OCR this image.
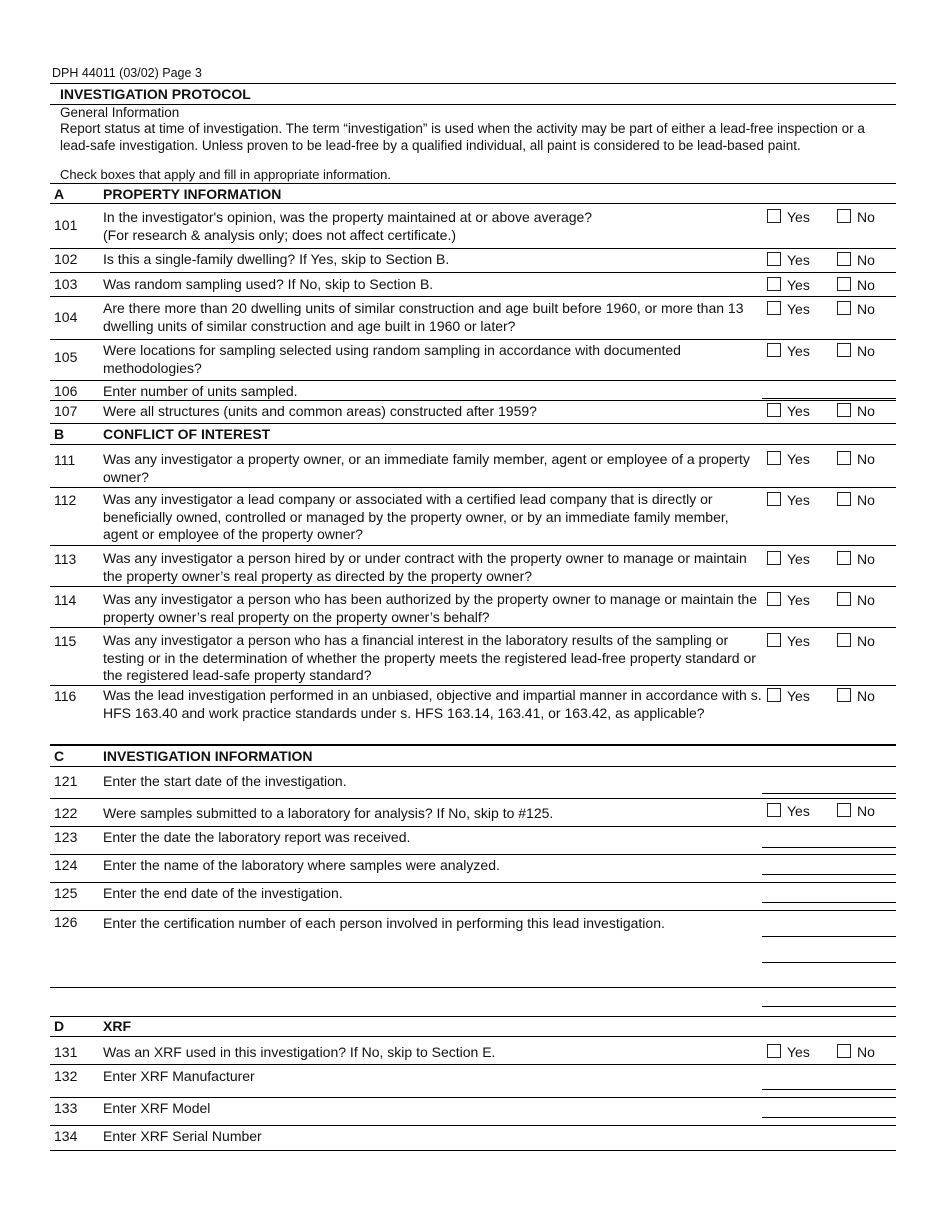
DPH 44011 (03/02) Page 3
INVESTIGATION PROTOCOL
General Information
Report status at time of investigation. The term “investigation” is used when the activity may be part of either a lead-free inspection or a lead-safe investigation. Unless proven to be lead-free by a qualified individual, all paint is considered to be lead-based paint.
Check boxes that apply and fill in appropriate information.
A	PROPERTY INFORMATION
101 In the investigator's opinion, was the property maintained at or above average?
(For research & analysis only; does not affect certificate.)
Yes	No
102 Is this a single-family dwelling? If Yes, skip to Section B.	Yes	No
103 Was random sampling used? If No, skip to Section B.	Yes	No
104
Are there more than 20 dwelling units of similar construction and age built before 1960, or more than 13 dwelling units of similar construction and age built in 1960 or later?
Yes	No
105 Were locations for sampling selected using random sampling in accordance with documented methodologies?
Yes	No
106 Enter number of units sampled.
107 Were all structures (units and common areas) constructed after 1959?	Yes	No
B	CONFLICT OF INTEREST
111 Was any investigator a property owner, or an immediate family member, agent or employee of a property owner?
Yes	No
112 Was any investigator a lead company or associated with a certified lead company that is directly or beneficially owned, controlled or managed by the property owner, or by an immediate family member, agent or employee of the property owner?
Yes	No
113 Was any investigator a person hired by or under contract with the property owner to manage or maintain the property owner’s real property as directed by the property owner?
Yes	No
114 Was any investigator a person who has been authorized by the property owner to manage or maintain the property owner’s real property on the property owner’s behalf?
Yes	No
115 Was any investigator a person who has a financial interest in the laboratory results of the sampling or testing or in the determination of whether the property meets the registered lead-free property standard or the registered lead-safe property standard?
Yes	No
116 Was the lead investigation performed in an unbiased, objective and impartial manner in accordance with s. HFS 163.40 and work practice standards under s. HFS 163.14, 163.41, or 163.42, as applicable?
Yes	No
C	INVESTIGATION INFORMATION
121 Enter the start date of the investigation.
122 Were samples submitted to a laboratory for analysis? If No, skip to #125.	Yes	No
123 Enter the date the laboratory report was received.
124 Enter the name of the laboratory where samples were analyzed.
125 Enter the end date of the investigation.
126 Enter the certification number of each person involved in performing this lead investigation.
D	XRF
131 Was an XRF used in this investigation? If No, skip to Section E.	Yes	No
132 Enter XRF Manufacturer
133 Enter XRF Model
134 Enter XRF Serial Number
